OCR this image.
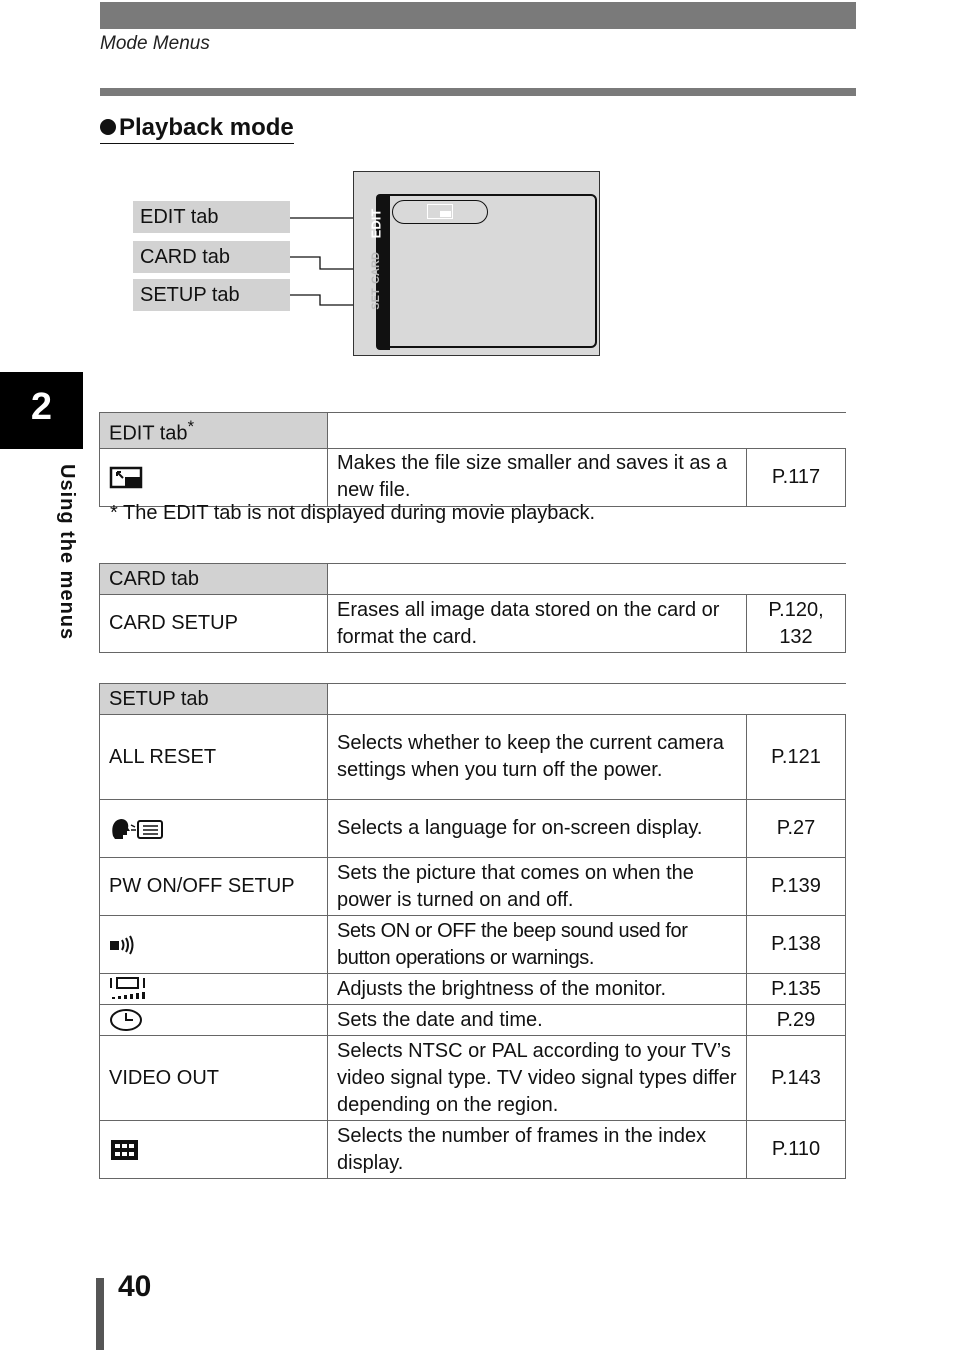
Mode Menus
Playback mode
2
Using the menus
EDIT tab
CARD tab
SETUP tab
EDIT
CARD
SET
EDIT tab*	
	Makes the file size smaller and saves it as a new file.	P.117
* The EDIT tab is not displayed during movie playback.
CARD tab		
CARD SETUP	Erases all image data stored on the card or format the card.	P.120, 132
SETUP tab		
ALL RESET	Selects whether to keep the current camera settings when you turn off the power.	P.121
	Selects a language for on-screen display.	P.27
PW ON/OFF SETUP	Sets the picture that comes on when the power is turned on and off.	P.139
	Sets ON or OFF the beep sound used for button operations or warnings.	P.138
	Adjusts the brightness of the monitor.	P.135
	Sets the date and time.	P.29
VIDEO OUT	Selects NTSC or PAL according to your TV’s video signal type. TV video signal types differ depending on the region.	P.143
	Selects the number of frames in the index display.	P.110
40
